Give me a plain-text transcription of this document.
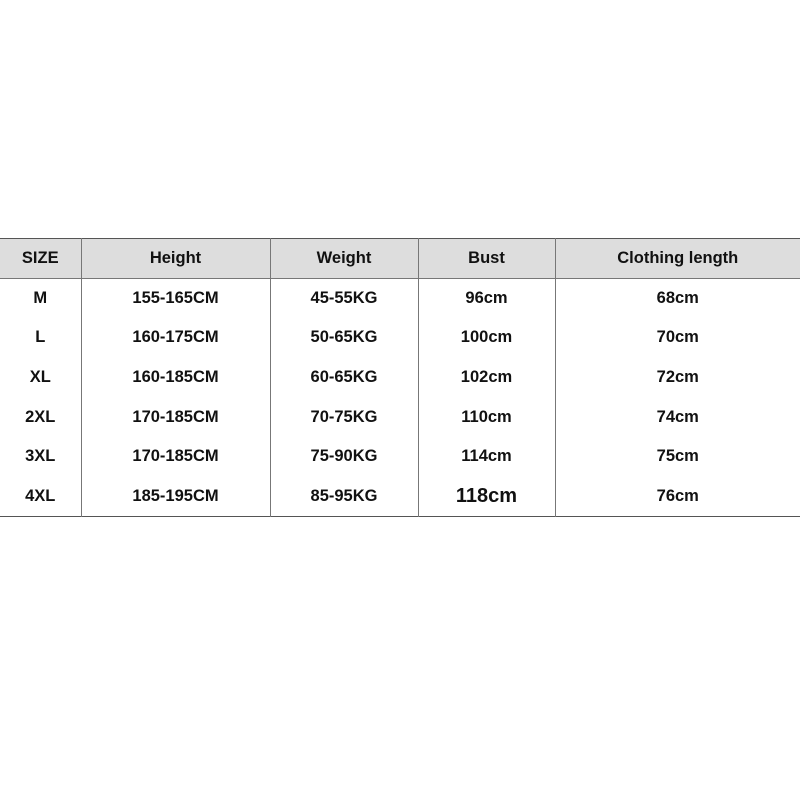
SIZE	Height	Weight	Bust	Clothing length
M	155-165CM	45-55KG	96cm	68cm
L	160-175CM	50-65KG	100cm	70cm
XL	160-185CM	60-65KG	102cm	72cm
2XL	170-185CM	70-75KG	110cm	74cm
3XL	170-185CM	75-90KG	114cm	75cm
4XL	185-195CM	85-95KG	118cm	76cm
